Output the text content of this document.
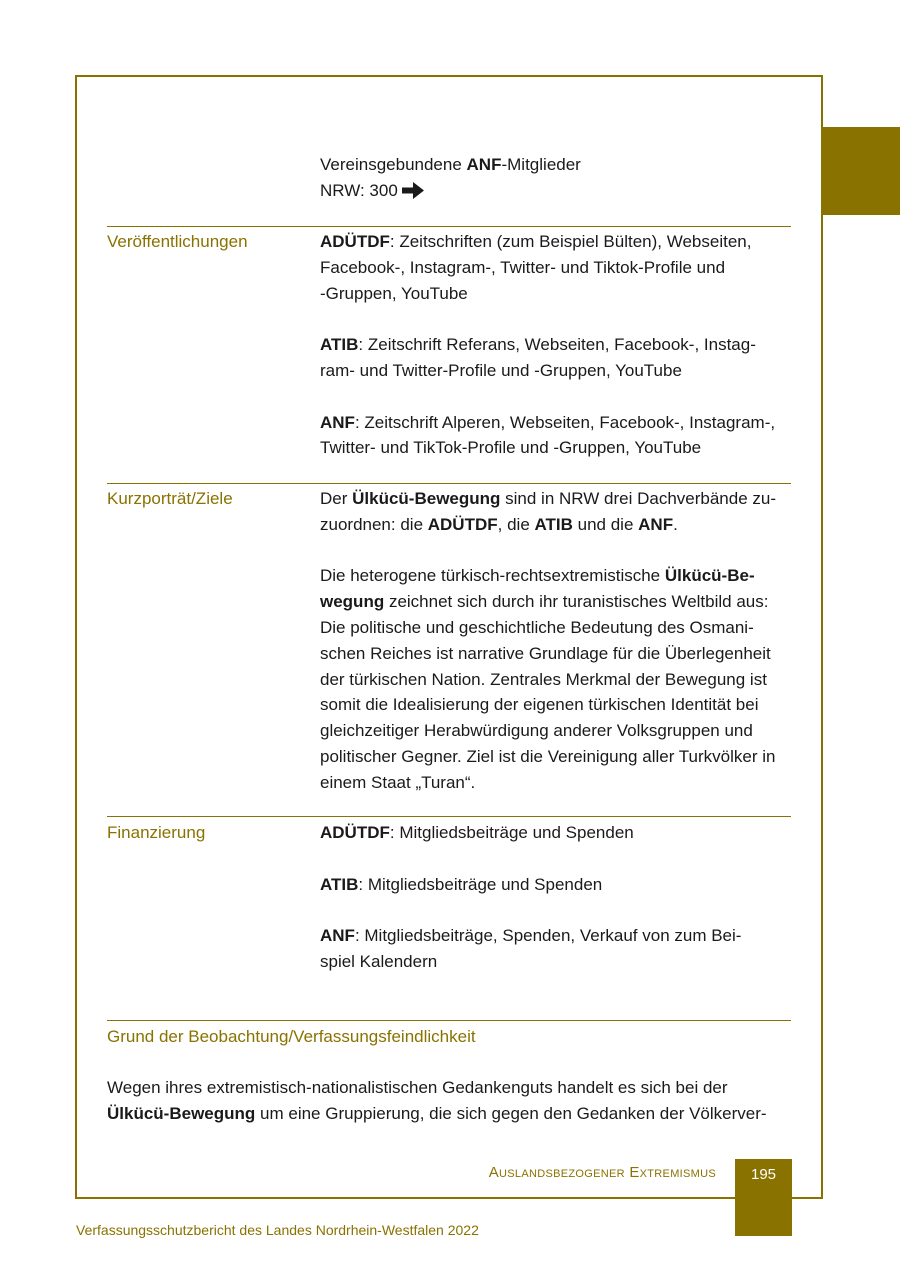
Vereinsgebundene ANF-Mitglieder
NRW: 300
Veröffentlichungen	ADÜTDF: Zeitschriften (zum Beispiel Bülten), Webseiten,
Facebook-, Instagram-, Twitter- und Tiktok-Profile und
-Gruppen, YouTube
ATIB: Zeitschrift Referans, Webseiten, Facebook-, Instag-
ram- und Twitter-Profile und -Gruppen, YouTube
ANF: Zeitschrift Alperen, Webseiten, Facebook-, Instagram-,
Twitter- und TikTok-Profile und -Gruppen, YouTube
Kurzporträt/Ziele	Der Ülkücü-Bewegung sind in NRW drei Dachverbände zu-
zuordnen: die ADÜTDF, die ATIB und die ANF.
Die heterogene türkisch-rechtsextremistische Ülkücü-Be-
wegung zeichnet sich durch ihr turanistisches Weltbild aus:
Die politische und geschichtliche Bedeutung des Osmani-
schen Reiches ist narrative Grundlage für die Überlegenheit
der türkischen Nation. Zentrales Merkmal der Bewegung ist
somit die Idealisierung der eigenen türkischen Identität bei
gleichzeitiger Herabwürdigung anderer Volksgruppen und
politischer Gegner. Ziel ist die Vereinigung aller Turkvölker in
einem Staat „Turan“.
Finanzierung	ADÜTDF: Mitgliedsbeiträge und Spenden
ATIB: Mitgliedsbeiträge und Spenden
ANF: Mitgliedsbeiträge, Spenden, Verkauf von zum Bei-
spiel Kalendern
Grund der Beobachtung/Verfassungsfeindlichkeit
Wegen ihres extremistisch-nationalistischen Gedankenguts handelt es sich bei der
Ülkücü-Bewegung um eine Gruppierung, die sich gegen den Gedanken der Völkerver-
Auslandsbezogener Extremismus	195
Verfassungsschutzbericht des Landes Nordrhein-Westfalen 2022
